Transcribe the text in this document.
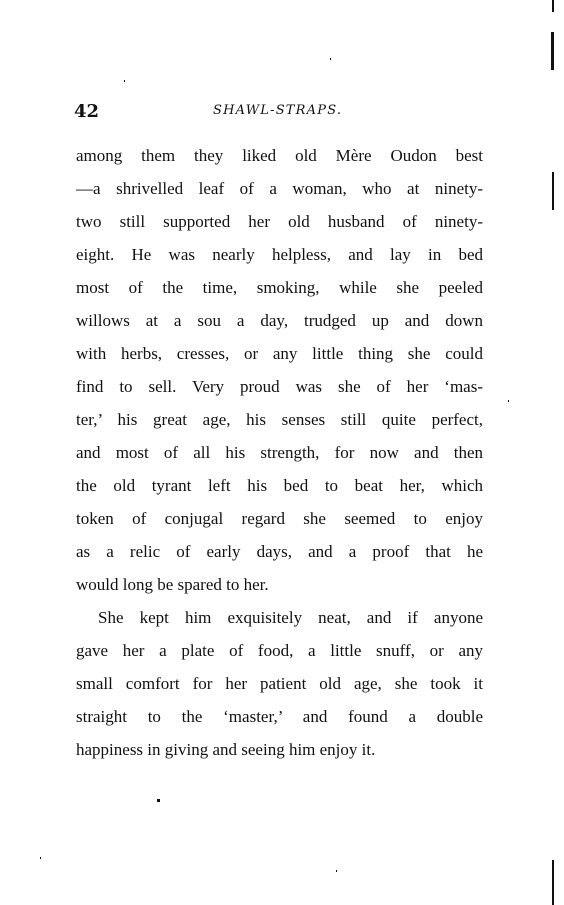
42	SHAWL-STRAPS.
among them they liked old Mère Oudon best
—a shrivelled leaf of a woman, who at ninety-
two still supported her old husband of ninety-
eight. He was nearly helpless, and lay in bed
most of the time, smoking, while she peeled
willows at a sou a day, trudged up and down
with herbs, cresses, or any little thing she could
find to sell. Very proud was she of her ‘mas-
ter,’ his great age, his senses still quite perfect,
and most of all his strength, for now and then
the old tyrant left his bed to beat her, which
token of conjugal regard she seemed to enjoy
as a relic of early days, and a proof that he
would long be spared to her.
She kept him exquisitely neat, and if anyone
gave her a plate of food, a little snuff, or any
small comfort for her patient old age, she took it
straight to the ‘master,’ and found a double
happiness in giving and seeing him enjoy it.
